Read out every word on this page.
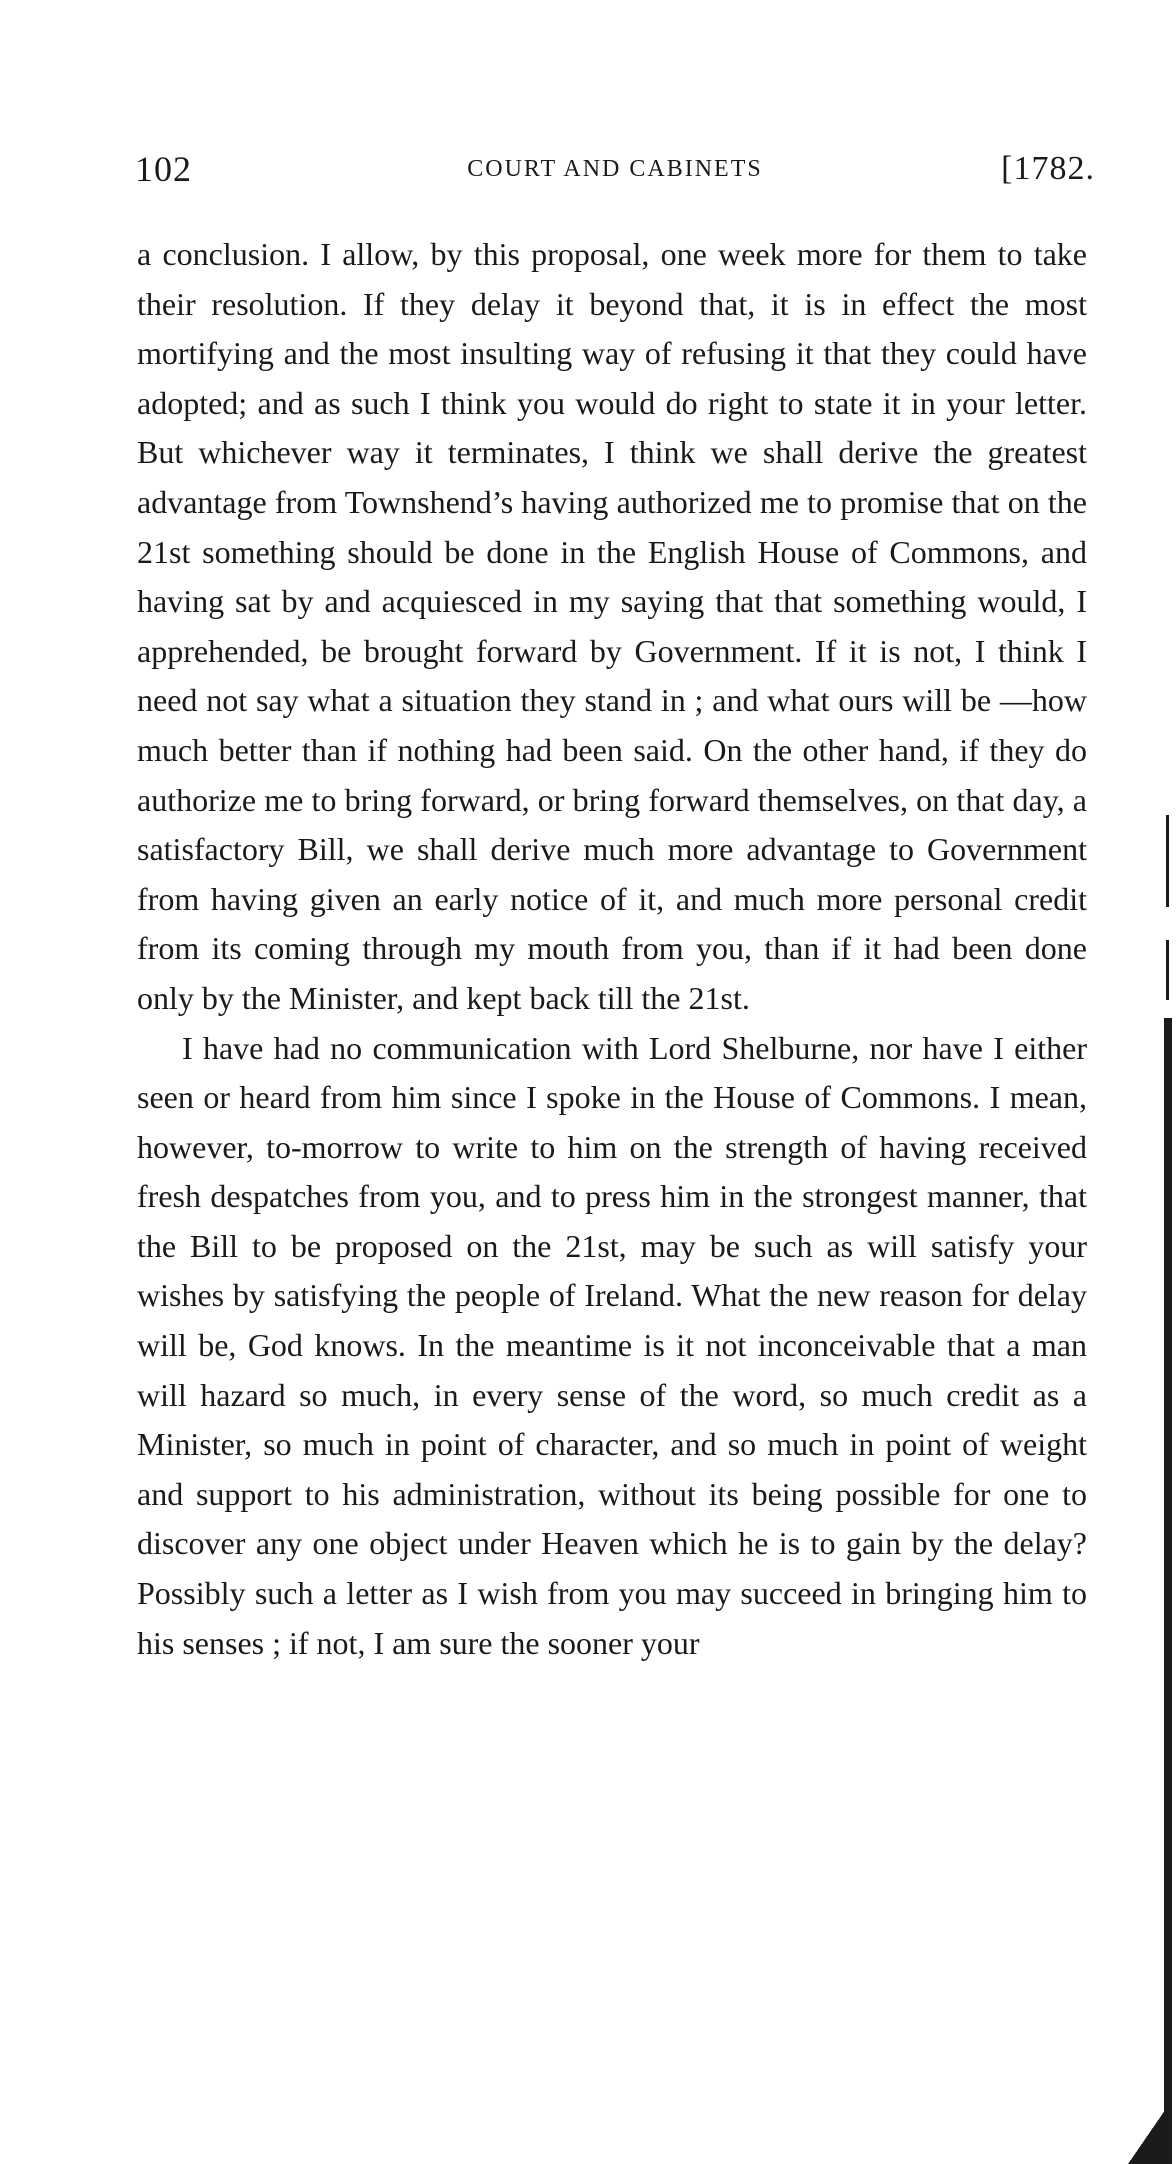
102	COURT AND CABINETS	[1782.

a conclusion. I allow, by this proposal, one week more for them to take their resolution. If they delay it beyond that, it is in effect the most mortifying and the most insulting way of refusing it that they could have adopted; and as such I think you would do right to state it in your letter. But whichever way it terminates, I think we shall derive the greatest advantage from Townshend’s having authorized me to promise that on the 21st something should be done in the English House of Commons, and having sat by and acquiesced in my saying that that something would, I apprehended, be brought forward by Government. If it is not, I think I need not say what a situation they stand in ; and what ours will be —how much better than if nothing had been said. On the other hand, if they do authorize me to bring forward, or bring forward themselves, on that day, a satisfactory Bill, we shall derive much more advantage to Government from having given an early notice of it, and much more personal credit from its coming through my mouth from you, than if it had been done only by the Minister, and kept back till the 21st.

I have had no communication with Lord Shelburne, nor have I either seen or heard from him since I spoke in the House of Commons. I mean, however, to-morrow to write to him on the strength of having received fresh despatches from you, and to press him in the strongest manner, that the Bill to be proposed on the 21st, may be such as will satisfy your wishes by satisfying the people of Ireland. What the new reason for delay will be, God knows. In the meantime is it not inconceivable that a man will hazard so much, in every sense of the word, so much credit as a Minister, so much in point of character, and so much in point of weight and support to his administration, without its being possible for one to discover any one object under Heaven which he is to gain by the delay? Possibly such a letter as I wish from you may succeed in bringing him to his senses ; if not, I am sure the sooner your
